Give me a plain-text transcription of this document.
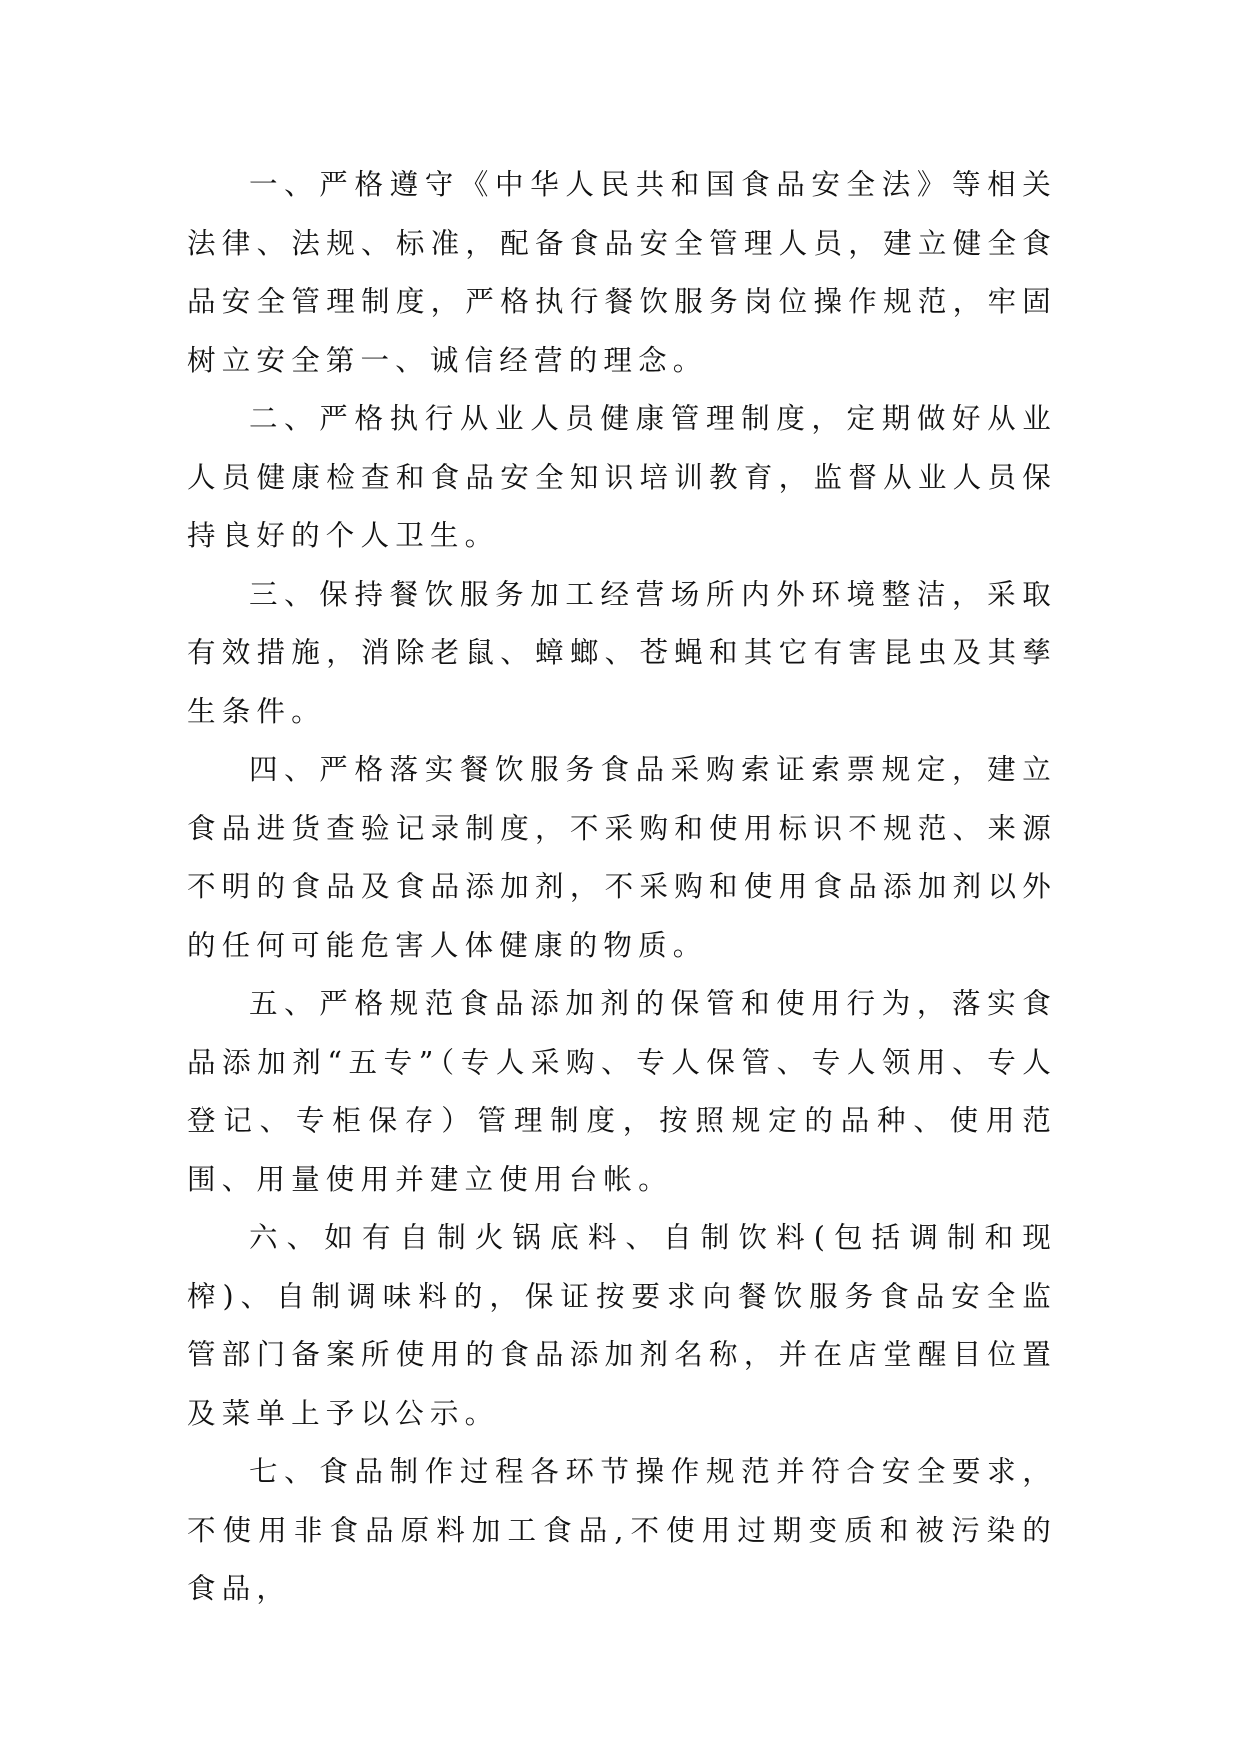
一、严格遵守《中华人民共和国食品安全法》等相关法律、法规、标准，配备食品安全管理人员，建立健全食品安全管理制度，严格执行餐饮服务岗位操作规范，牢固树立安全第一、诚信经营的理念。

二、严格执行从业人员健康管理制度，定期做好从业人员健康检查和食品安全知识培训教育，监督从业人员保持良好的个人卫生。

三、保持餐饮服务加工经营场所内外环境整洁，采取有效措施，消除老鼠、蟑螂、苍蝇和其它有害昆虫及其孳生条件。

四、严格落实餐饮服务食品采购索证索票规定，建立食品进货查验记录制度，不采购和使用标识不规范、来源不明的食品及食品添加剂，不采购和使用食品添加剂以外的任何可能危害人体健康的物质。

五、严格规范食品添加剂的保管和使用行为，落实食品添加剂“五专”（专人采购、专人保管、专人领用、专人登记、专柜保存）管理制度，按照规定的品种、使用范围、用量使用并建立使用台帐。

六、如有自制火锅底料、自制饮料(包括调制和现榨)、自制调味料的，保证按要求向餐饮服务食品安全监管部门备案所使用的食品添加剂名称，并在店堂醒目位置及菜单上予以公示。

七、食品制作过程各环节操作规范并符合安全要求，不使用非食品原料加工食品,不使用过期变质和被污染的食品，
